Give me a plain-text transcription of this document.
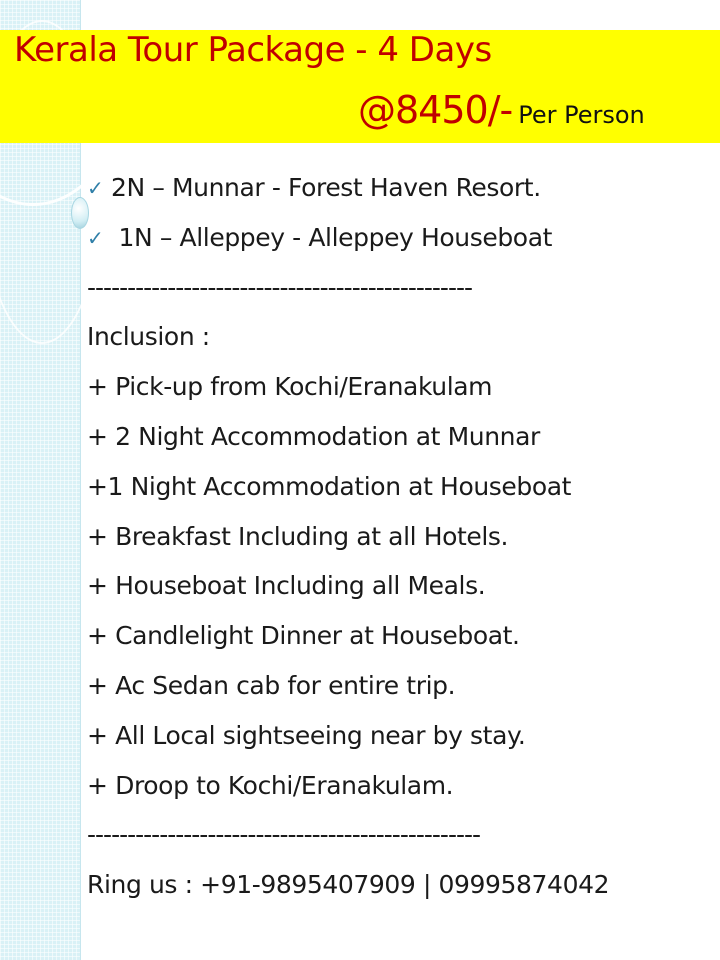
Kerala Tour Package - 4 Days
@8450/- Per Person
✓ 2N – Munnar - Forest Haven Resort.
✓ 1N – Alleppey - Alleppey Houseboat
------------------------------------------------
Inclusion :
+ Pick-up from Kochi/Eranakulam
+ 2 Night Accommodation at Munnar
+1 Night Accommodation at Houseboat
+ Breakfast Including at all Hotels.
+ Houseboat Including all Meals.
+ Candlelight Dinner at Houseboat.
+ Ac Sedan cab for entire trip.
+ All Local sightseeing near by stay.
+ Droop to Kochi/Eranakulam.
-------------------------------------------------
Ring us : +91-9895407909 | 09995874042
